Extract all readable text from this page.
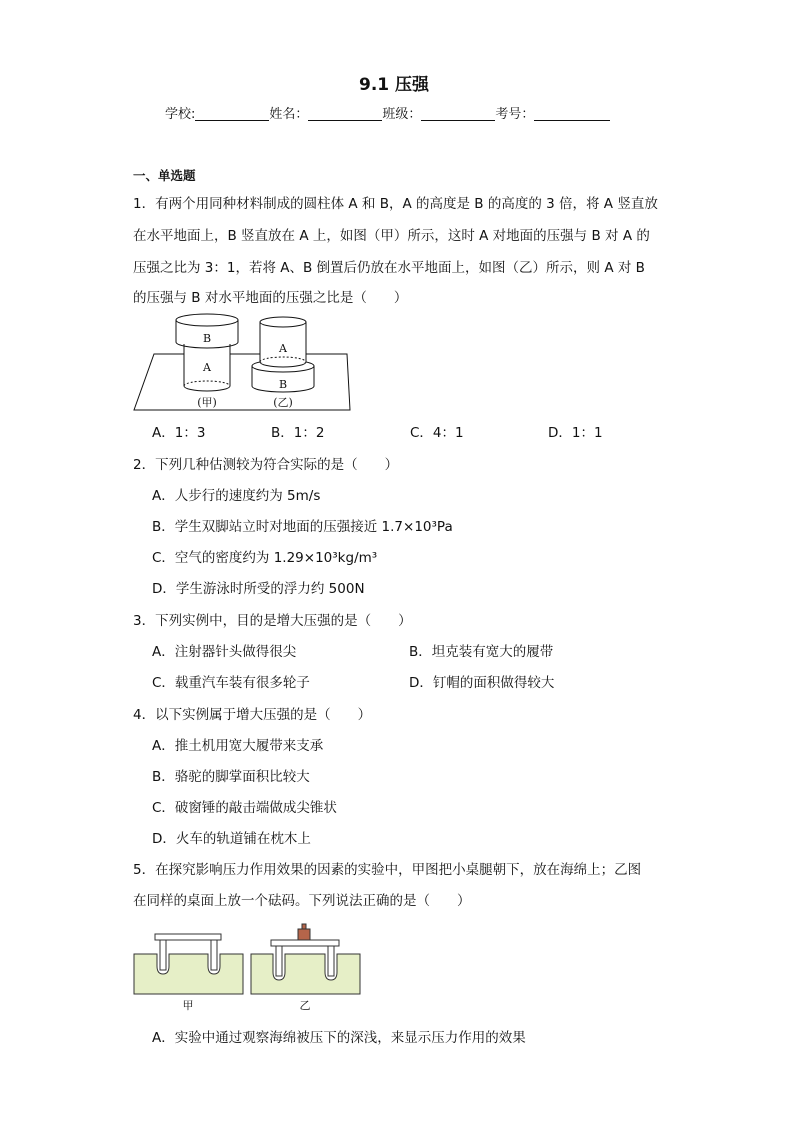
9.1 压强
学校:	姓名：	班级：	考号：
一、单选题
1．有两个用同种材料制成的圆柱体 A 和 B，A 的高度是 B 的高度的 3 倍，将 A 竖直放
在水平地面上，B 竖直放在 A 上，如图（甲）所示，这时 A 对地面的压强与 B 对 A 的
压强之比为 3：1，若将 A、B 倒置后仍放在水平地面上，如图（乙）所示，则 A 对 B
的压强与 B 对水平地面的压强之比是（　　）
B
A
(甲)
A
B
(乙)
A．1：3	B．1：2	C．4：1	D．1：1
2．下列几种估测较为符合实际的是（　　）
A．人步行的速度约为 5m/s
B．学生双脚站立时对地面的压强接近 1.7×10³Pa
C．空气的密度约为 1.29×10³kg/m³
D．学生游泳时所受的浮力约 500N
3．下列实例中，目的是增大压强的是（　　）
A．注射器针头做得很尖	B．坦克装有宽大的履带
C．载重汽车装有很多轮子	D．钉帽的面积做得较大
4．以下实例属于增大压强的是（　　）
A．推土机用宽大履带来支承
B．骆驼的脚掌面积比较大
C．破窗锤的敲击端做成尖锥状
D．火车的轨道铺在枕木上
5．在探究影响压力作用效果的因素的实验中，甲图把小桌腿朝下，放在海绵上；乙图
在同样的桌面上放一个砝码。下列说法正确的是（　　）
甲	乙
A．实验中通过观察海绵被压下的深浅，来显示压力作用的效果
